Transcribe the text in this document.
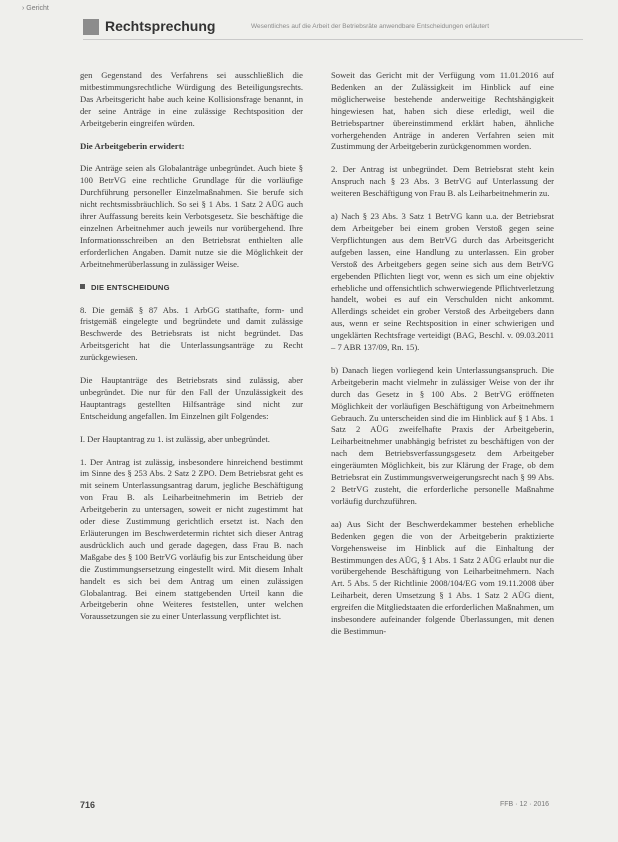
› Gericht
Rechtsprechung	Wesentliches auf die Arbeit der Betriebsräte anwendbare Entscheidungen erläutert

gen Gegenstand des Verfahrens sei ausschließlich die mitbestimmungsrechtliche Würdigung des Beteiligungsrechts. Das Arbeitsgericht habe auch keine Kollisionsfrage benannt, in der seine Anträge in eine zulässige Rechtsposition der Arbeitgeberin eingreifen würden.

Die Arbeitgeberin erwidert:

Die Anträge seien als Globalanträge unbegründet. Auch biete § 100 BetrVG eine rechtliche Grundlage für die vorläufige Durchführung personeller Einzelmaßnahmen. Sie berufe sich nicht rechtsmissbräuchlich. So sei § 1 Abs. 1 Satz 2 AÜG auch ihrer Auffassung bereits kein Verbotsgesetz. Sie beschäftige die einzelnen Arbeitnehmer auch jeweils nur vorübergehend. Ihre Informationsschreiben an den Betriebsrat enthielten alle erforderlichen Angaben. Damit nutze sie die Möglichkeit der Arbeitnehmerüberlassung in zulässiger Weise.

DIE ENTSCHEIDUNG

8. Die gemäß § 87 Abs. 1 ArbGG statthafte, form- und fristgemäß eingelegte und begründete und damit zulässige Beschwerde des Betriebsrats ist nicht begründet. Das Arbeitsgericht hat die Unterlassungsanträge zu Recht zurückgewiesen.

Die Hauptanträge des Betriebsrats sind zulässig, aber unbegründet. Die nur für den Fall der Unzulässigkeit des Hauptantrags gestellten Hilfsanträge sind nicht zur Entscheidung angefallen. Im Einzelnen gilt Folgendes:

I. Der Hauptantrag zu 1. ist zulässig, aber unbegründet.

1. Der Antrag ist zulässig, insbesondere hinreichend bestimmt im Sinne des § 253 Abs. 2 Satz 2 ZPO. Dem Betriebsrat geht es mit seinem Unterlassungsantrag darum, jegliche Beschäftigung von Frau B. als Leiharbeitnehmerin im Betrieb der Arbeitgeberin zu untersagen, soweit er nicht zugestimmt hat oder diese Zustimmung gerichtlich ersetzt ist. Nach den Erläuterungen im Beschwerdetermin richtet sich dieser Antrag ausdrücklich auch und gerade dagegen, dass Frau B. nach Maßgabe des § 100 BetrVG vorläufig bis zur Entscheidung über die Zustimmungsersetzung eingestellt wird. Mit diesem Inhalt handelt es sich bei dem Antrag um einen zulässigen Globalantrag. Bei einem stattgebenden Urteil kann die Arbeitgeberin ohne Weiteres feststellen, unter welchen Voraussetzungen sie zu einer Unterlassung verpflichtet ist.

Soweit das Gericht mit der Verfügung vom 11.01.2016 auf Bedenken an der Zulässigkeit im Hinblick auf eine möglicherweise bestehende anderweitige Rechtshängigkeit hingewiesen hat, haben sich diese erledigt, weil die Betriebspartner übereinstimmend erklärt haben, ähnliche vorhergehenden Anträge in anderen Verfahren seien mit Zustimmung der Arbeitgeberin zurückgenommen worden.

2. Der Antrag ist unbegründet. Dem Betriebsrat steht kein Anspruch nach § 23 Abs. 3 BetrVG auf Unterlassung der weiteren Beschäftigung von Frau B. als Leiharbeitnehmerin zu.

a) Nach § 23 Abs. 3 Satz 1 BetrVG kann u.a. der Betriebsrat dem Arbeitgeber bei einem groben Verstoß gegen seine Verpflichtungen aus dem BetrVG durch das Arbeitsgericht aufgeben lassen, eine Handlung zu unterlassen. Ein grober Verstoß des Arbeitgebers gegen seine sich aus dem BetrVG ergebenden Pflichten liegt vor, wenn es sich um eine objektiv erhebliche und offensichtlich schwerwiegende Pflichtverletzung handelt, wobei es auf ein Verschulden nicht ankommt. Allerdings scheidet ein grober Verstoß des Arbeitgebers dann aus, wenn er seine Rechtsposition in einer schwierigen und ungeklärten Rechtsfrage verteidigt (BAG, Beschl. v. 09.03.2011 – 7 ABR 137/09, Rn. 15).

b) Danach liegen vorliegend kein Unterlassungsanspruch. Die Arbeitgeberin macht vielmehr in zulässiger Weise von der ihr durch das Gesetz in § 100 Abs. 2 BetrVG eröffneten Möglichkeit der vorläufigen Beschäftigung von Arbeitnehmern Gebrauch. Zu unterscheiden sind die im Hinblick auf § 1 Abs. 1 Satz 2 AÜG zweifelhafte Praxis der Arbeitgeberin, Leiharbeitnehmer unabhängig befristet zu beschäftigen von der nach dem Betriebsverfassungsgesetz dem Arbeitgeber eingeräumten Möglichkeit, bis zur Klärung der Frage, ob dem Betriebsrat ein Zustimmungsverweigerungsrecht nach § 99 Abs. 2 BetrVG zusteht, die erforderliche personelle Maßnahme vorläufig durchzuführen.

aa) Aus Sicht der Beschwerdekammer bestehen erhebliche Bedenken gegen die von der Arbeitgeberin praktizierte Vorgehensweise im Hinblick auf die Einhaltung der Bestimmungen des AÜG, § 1 Abs. 1 Satz 2 AÜG erlaubt nur die vorübergehende Beschäftigung von Leiharbeitnehmern. Nach Art. 5 Abs. 5 der Richtlinie 2008/104/EG vom 19.11.2008 über Leiharbeit, deren Umsetzung § 1 Abs. 1 Satz 2 AÜG dient, ergreifen die Mitgliedstaaten die erforderlichen Maßnahmen, um insbesondere aufeinander folgende Überlassungen, mit denen die Bestimmun-

716	FFB · 12 · 2016
